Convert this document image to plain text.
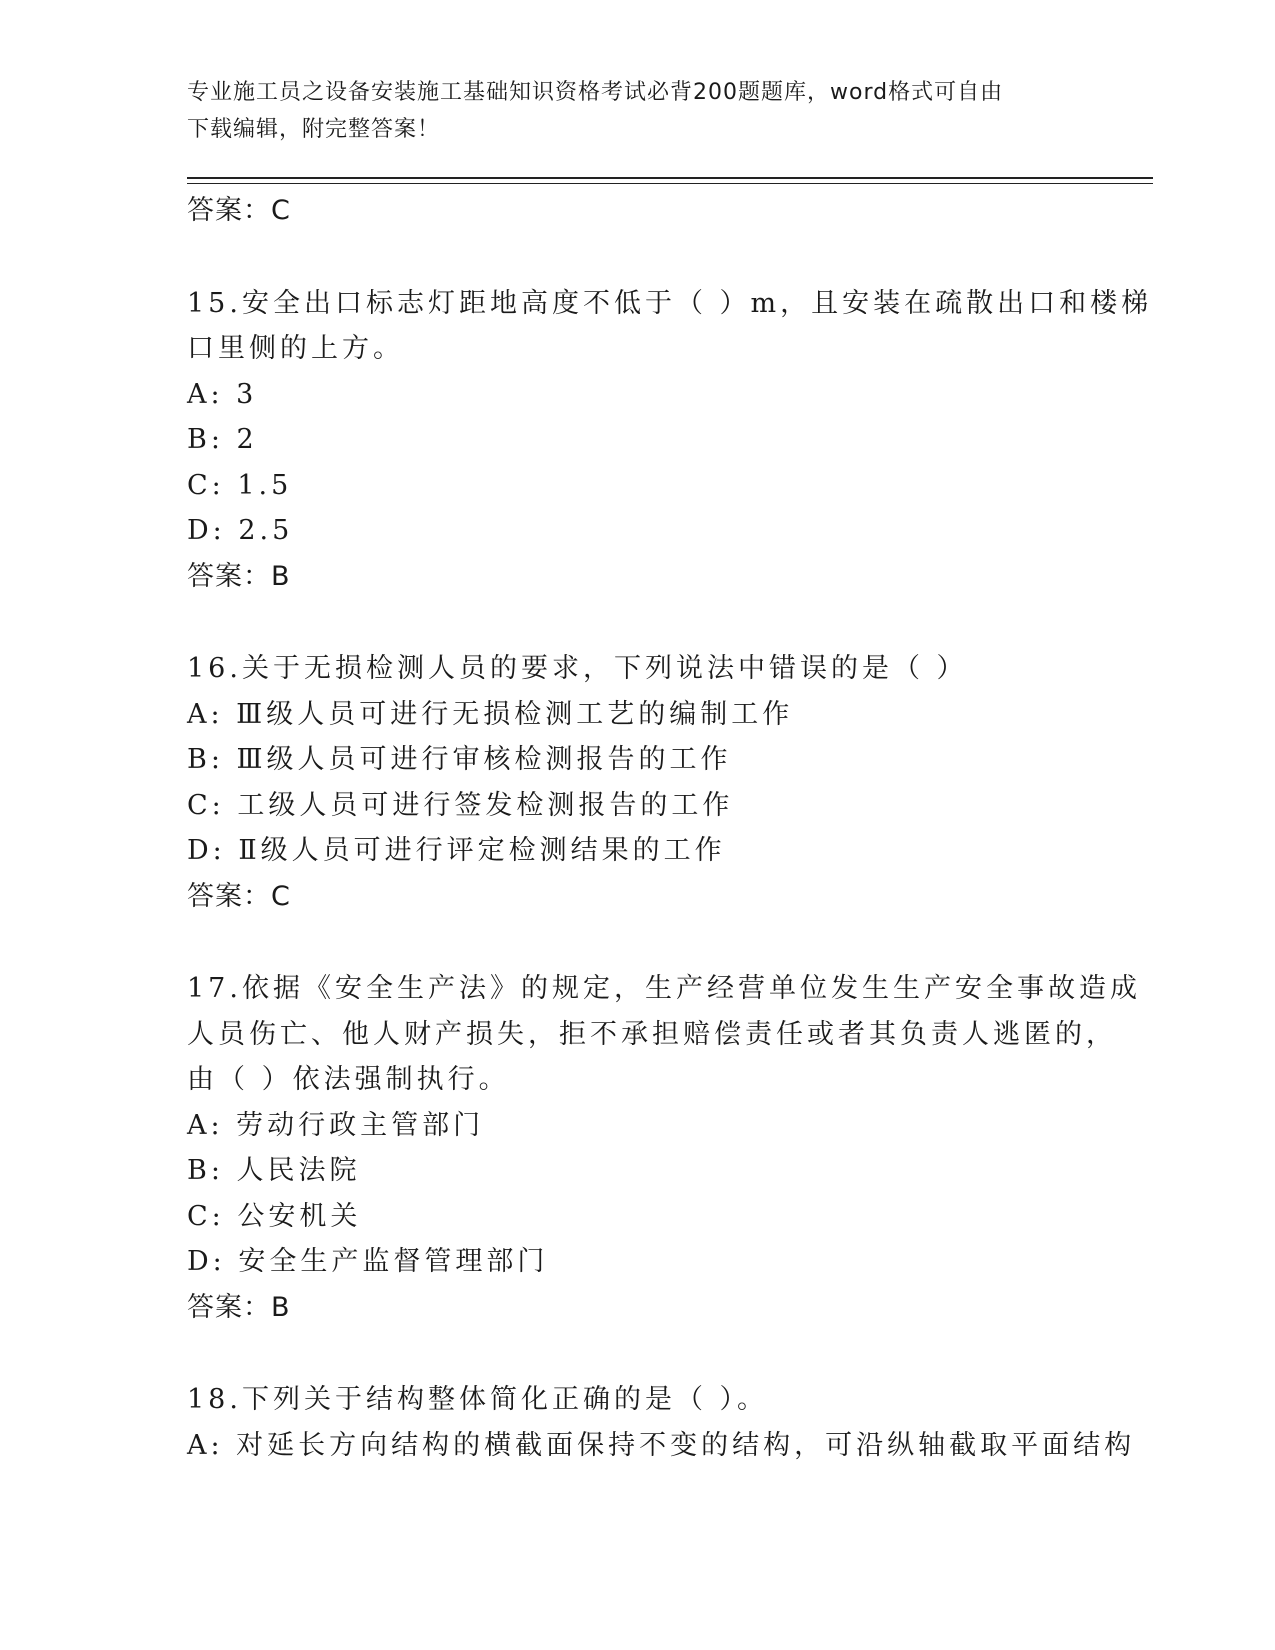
专业施工员之设备安装施工基础知识资格考试必背200题题库，word格式可自由
下载编辑，附完整答案！
答案：C
15.安全出口标志灯距地高度不低于（ ）m，且安装在疏散出口和楼梯
口里侧的上方。
A: 3
B: 2
C: 1.5
D: 2.5
答案：B
16.关于无损检测人员的要求，下列说法中错误的是（ ）
A: Ⅲ级人员可进行无损检测工艺的编制工作
B: Ⅲ级人员可进行审核检测报告的工作
C: 工级人员可进行签发检测报告的工作
D: Ⅱ级人员可进行评定检测结果的工作
答案：C
17.依据《安全生产法》的规定，生产经营单位发生生产安全事故造成
人员伤亡、他人财产损失，拒不承担赔偿责任或者其负责人逃匿的，
由（ ）依法强制执行。
A: 劳动行政主管部门
B: 人民法院
C: 公安机关
D: 安全生产监督管理部门
答案：B
18.下列关于结构整体简化正确的是（ ）。
A: 对延长方向结构的横截面保持不变的结构，可沿纵轴截取平面结构
